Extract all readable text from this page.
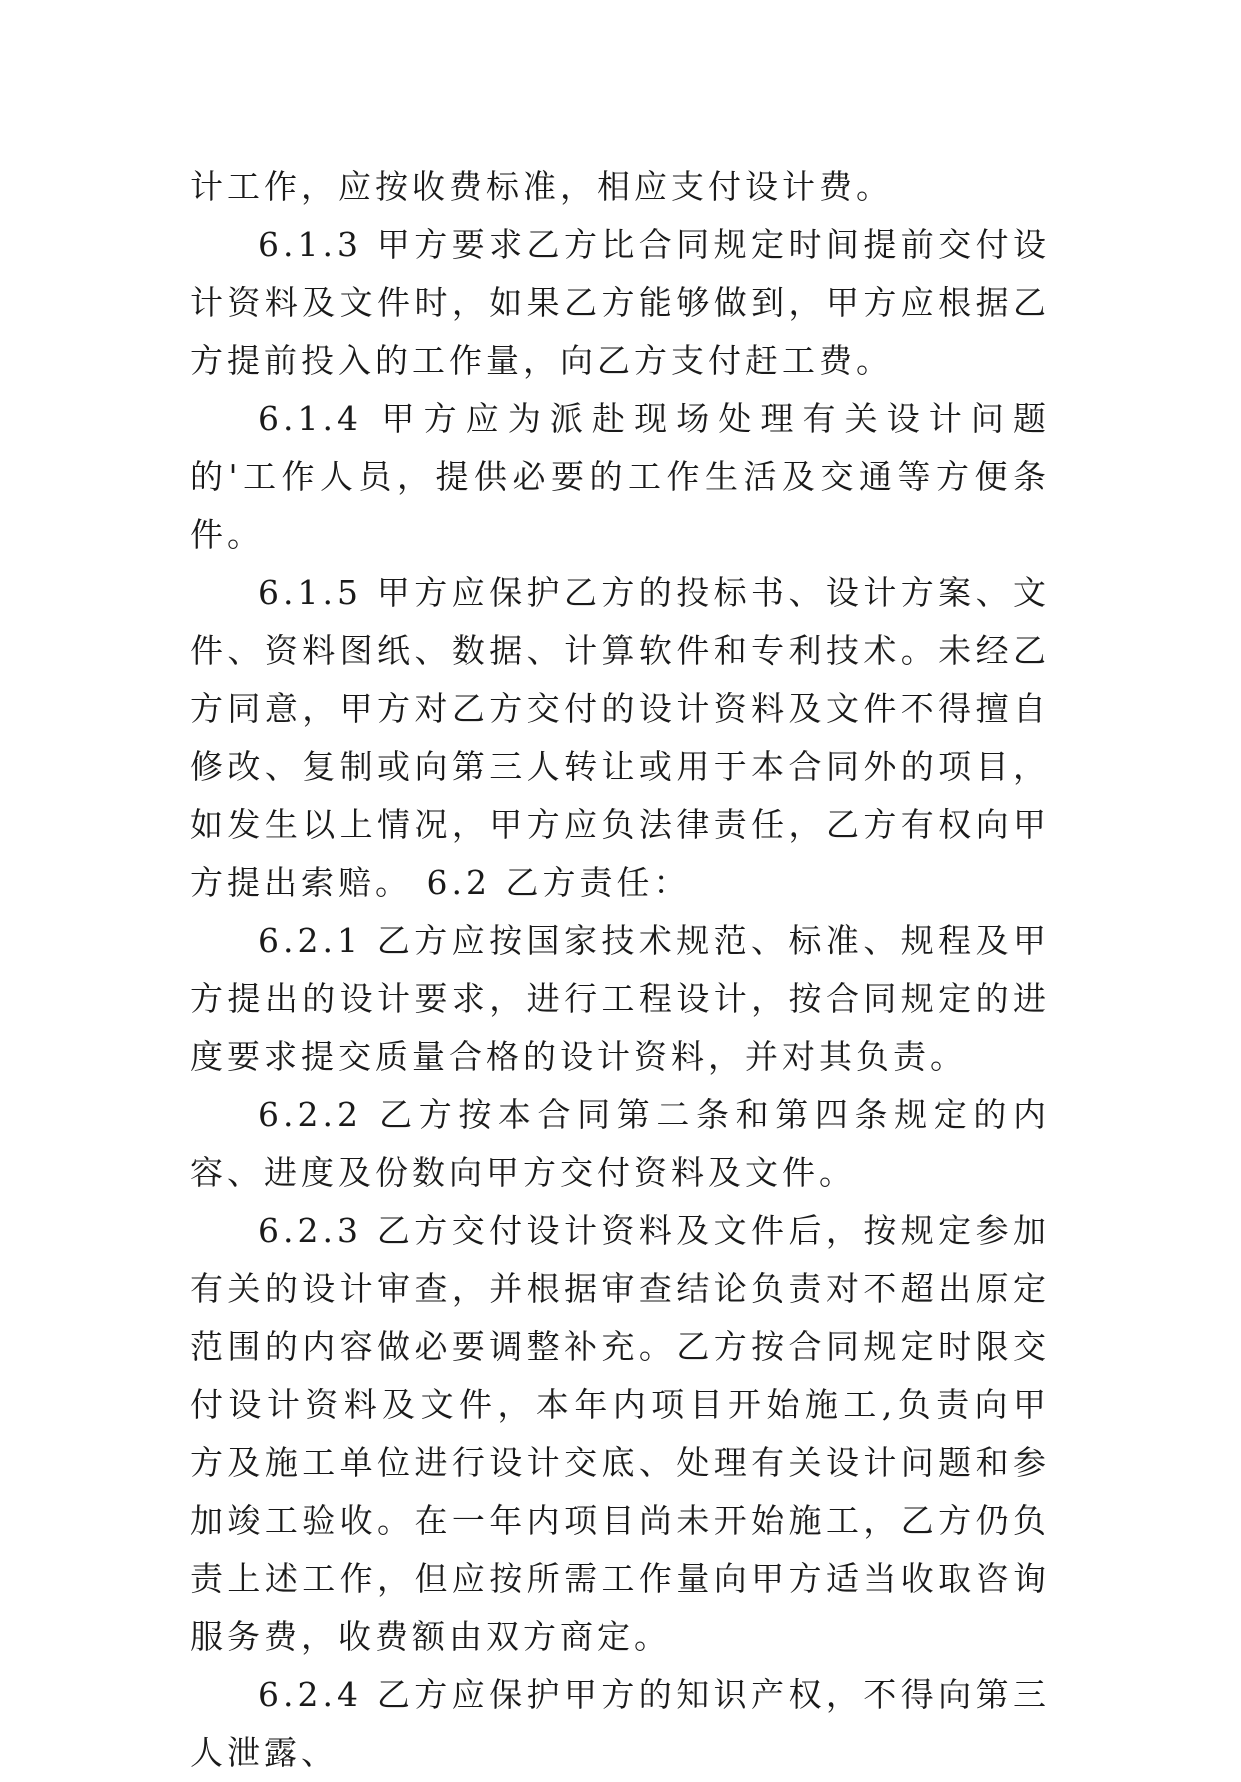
计工作，应按收费标准，相应支付设计费。

6.1.3 甲方要求乙方比合同规定时间提前交付设计资料及文件时，如果乙方能够做到，甲方应根据乙方提前投入的工作量，向乙方支付赶工费。

6.1.4 甲方应为派赴现场处理有关设计问题的'工作人员，提供必要的工作生活及交通等方便条件。

6.1.5 甲方应保护乙方的投标书、设计方案、文件、资料图纸、数据、计算软件和专利技术。未经乙方同意，甲方对乙方交付的设计资料及文件不得擅自修改、复制或向第三人转让或用于本合同外的项目，如发生以上情况，甲方应负法律责任，乙方有权向甲方提出索赔。 6.2 乙方责任：

6.2.1 乙方应按国家技术规范、标准、规程及甲方提出的设计要求，进行工程设计，按合同规定的进度要求提交质量合格的设计资料，并对其负责。

6.2.2 乙方按本合同第二条和第四条规定的内容、进度及份数向甲方交付资料及文件。

6.2.3 乙方交付设计资料及文件后，按规定参加有关的设计审查，并根据审查结论负责对不超出原定范围的内容做必要调整补充。乙方按合同规定时限交付设计资料及文件，本年内项目开始施工,负责向甲方及施工单位进行设计交底、处理有关设计问题和参加竣工验收。在一年内项目尚未开始施工，乙方仍负责上述工作，但应按所需工作量向甲方适当收取咨询服务费，收费额由双方商定。

6.2.4 乙方应保护甲方的知识产权，不得向第三人泄露、
